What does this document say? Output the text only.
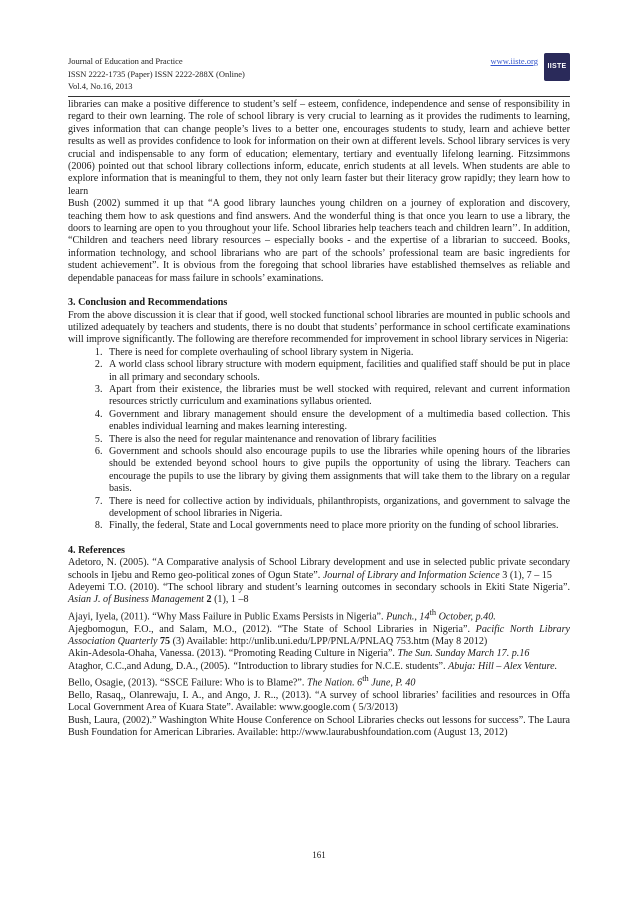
Journal of Education and Practice
ISSN 2222-1735 (Paper) ISSN 2222-288X (Online)
Vol.4, No.16, 2013
www.iiste.org
IISTE

libraries can make a positive difference to student’s self – esteem, confidence, independence and sense of responsibility in regard to their own learning. The role of school library is very crucial to learning as it provides the rudiments to learning, gives information that can change people’s lives to a better one, encourages students to study, learn and achieve better results as well as provides confidence to look for information on their own at different levels. School library services is very crucial and indispensable to any form of education; elementary, tertiary and eventually lifelong learning. Fitzsimmons (2006) pointed out that school library collections inform, educate, enrich students at all levels. When students are able to explore information that is meaningful to them, they not only learn faster but their literacy grow rapidly; they learn how to learn

Bush (2002) summed it up that “A good library launches young children on a journey of exploration and discovery, teaching them how to ask questions and find answers. And the wonderful thing is that once you learn to use a library, the doors to learning are open to you throughout your life. School libraries help teachers teach and children learn’’. In addition, “Children and teachers need library resources – especially books - and the expertise of a librarian to succeed. Books, information technology, and school librarians who are part of the schools’ professional team are basic ingredients for student achievement”. It is obvious from the foregoing that school libraries have established themselves as reliable and dependable panaceas for mass failure in schools’ examinations.

3. Conclusion and Recommendations

From the above discussion it is clear that if good, well stocked functional school libraries are mounted in public schools and utilized adequately by teachers and students, there is no doubt that students’ performance in school certificate examinations will improve significantly. The following are therefore recommended for improvement in school library services in Nigeria:

1. There is need for complete overhauling of school library system in Nigeria.
2. A world class school library structure with modern equipment, facilities and qualified staff should be put in place in all primary and secondary schools.
3. Apart from their existence, the libraries must be well stocked with required, relevant and current information resources strictly curriculum and examinations syllabus oriented.
4. Government and library management should ensure the development of a multimedia based collection. This enables individual learning and makes learning interesting.
5. There is also the need for regular maintenance and renovation of library facilities
6. Government and schools should also encourage pupils to use the libraries while opening hours of the libraries should be extended beyond school hours to give pupils the opportunity of using the library. Teachers can encourage the pupils to use the library by giving them assignments that will take them to the library on a regular basis.
7. There is need for collective action by individuals, philanthropists, organizations, and government to salvage the development of school libraries in Nigeria.
8. Finally, the federal, State and Local governments need to place more priority on the funding of school libraries.
4. References

Adetoro, N. (2005). “A Comparative analysis of School Library development and use in selected public private secondary schools in Ijebu and Remo geo-political zones of Ogun State”. Journal of Library and Information Science 3 (1), 7 – 15

Adeyemi T.O. (2010). “The school library and student’s learning outcomes in secondary schools in Ekiti State Nigeria”. Asian J. of Business Management 2 (1), 1 –8

Ajayi, Iyela, (2011). “Why Mass Failure in Public Exams Persists in Nigeria”. Punch., 14th October, p.40.

Ajegbomogun, F.O., and Salam, M.O., (2012). “The State of School Libraries in Nigeria”. Pacific North Library Association Quarterly 75 (3) Available: http://unlib.uni.edu/LPP/PNLA/PNLAQ 753.htm (May 8 2012)

Akin-Adesola-Ohaha, Vanessa. (2013). “Promoting Reading Culture in Nigeria”. The Sun. Sunday March 17. p.16

Ataghor, C.C.,and Adung, D.A., (2005). “Introduction to library studies for N.C.E. students”. Abuja: Hill – Alex Venture.

Bello, Osagie, (2013). “SSCE Failure: Who is to Blame?”. The Nation. 6th June, P. 40

Bello, Rasaq,, Olanrewaju, I. A., and Ango, J. R.., (2013). “A survey of school libraries’ facilities and resources in Offa Local Government Area of Kuara State”. Available: www.google.com ( 5/3/2013)

Bush, Laura, (2002).” Washington White House Conference on School Libraries checks out lessons for success”. The Laura Bush Foundation for American Libraries. Available: http://www.laurabushfoundation.com (August 13, 2012)

161
